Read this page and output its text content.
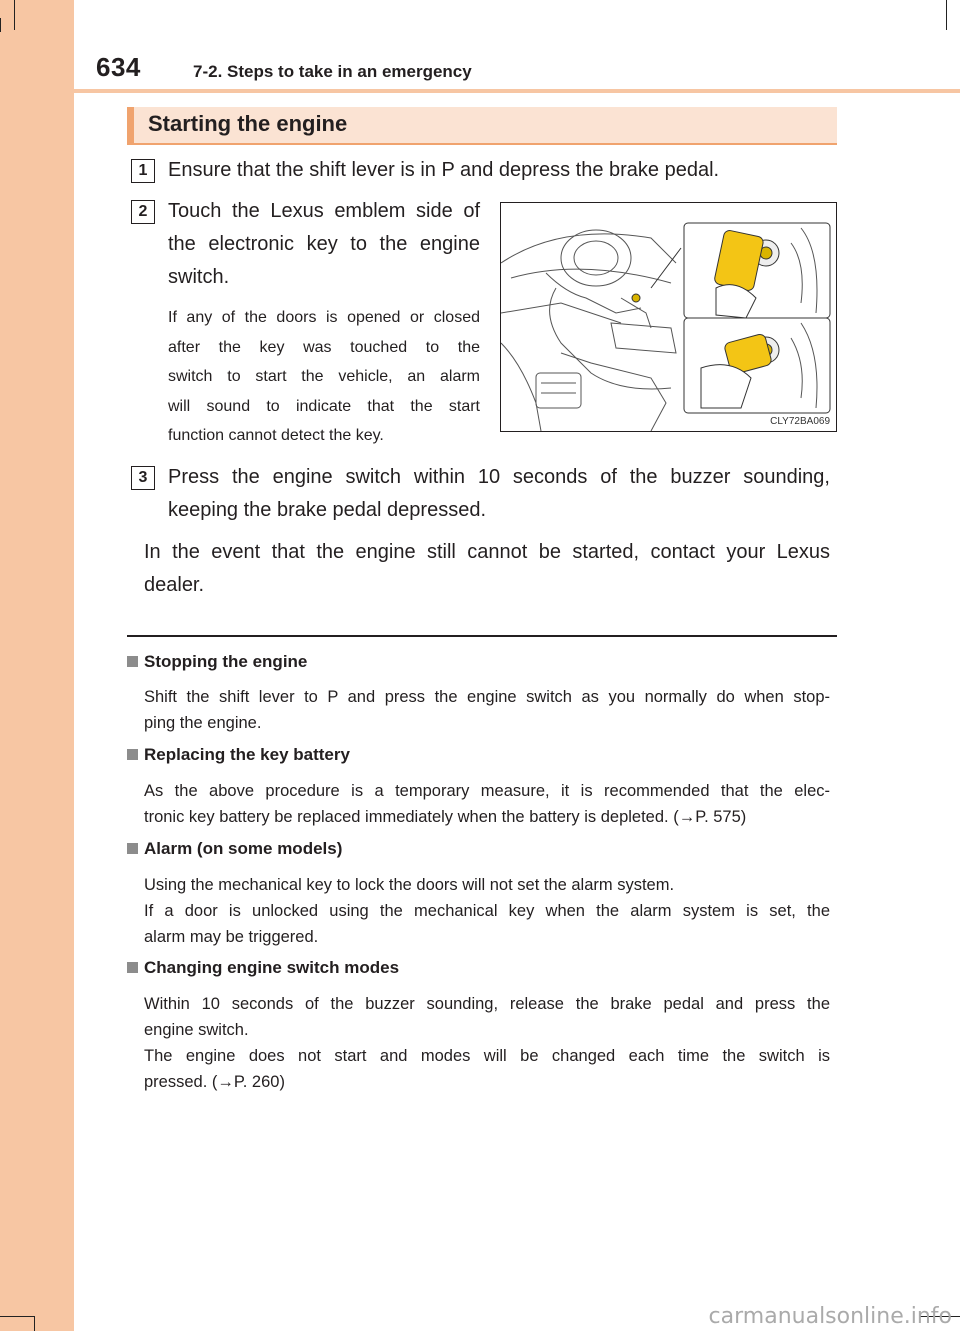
634	7-2. Steps to take in an emergency
Starting the engine
1	Ensure that the shift lever is in P and depress the brake pedal.
2	Touch the Lexus emblem side of
the electronic key to the engine
switch.
If any of the doors is opened or closed
after the key was touched to the
switch to start the vehicle, an alarm
will sound to indicate that the start
function cannot detect the key.
CLY72BA069
3	Press the engine switch within 10 seconds of the buzzer sounding,
keeping the brake pedal depressed.
In the event that the engine still cannot be started, contact your Lexus
dealer.
Stopping the engine
Shift the shift lever to P and press the engine switch as you normally do when stop-
ping the engine.
Replacing the key battery
As the above procedure is a temporary measure, it is recommended that the elec-
tronic key battery be replaced immediately when the battery is depleted. (→P. 575)
Alarm (on some models)
Using the mechanical key to lock the doors will not set the alarm system.
If a door is unlocked using the mechanical key when the alarm system is set, the
alarm may be triggered.
Changing engine switch modes
Within 10 seconds of the buzzer sounding, release the brake pedal and press the
engine switch.
The engine does not start and modes will be changed each time the switch is
pressed. (→P. 260)
carmanualsonline.info
